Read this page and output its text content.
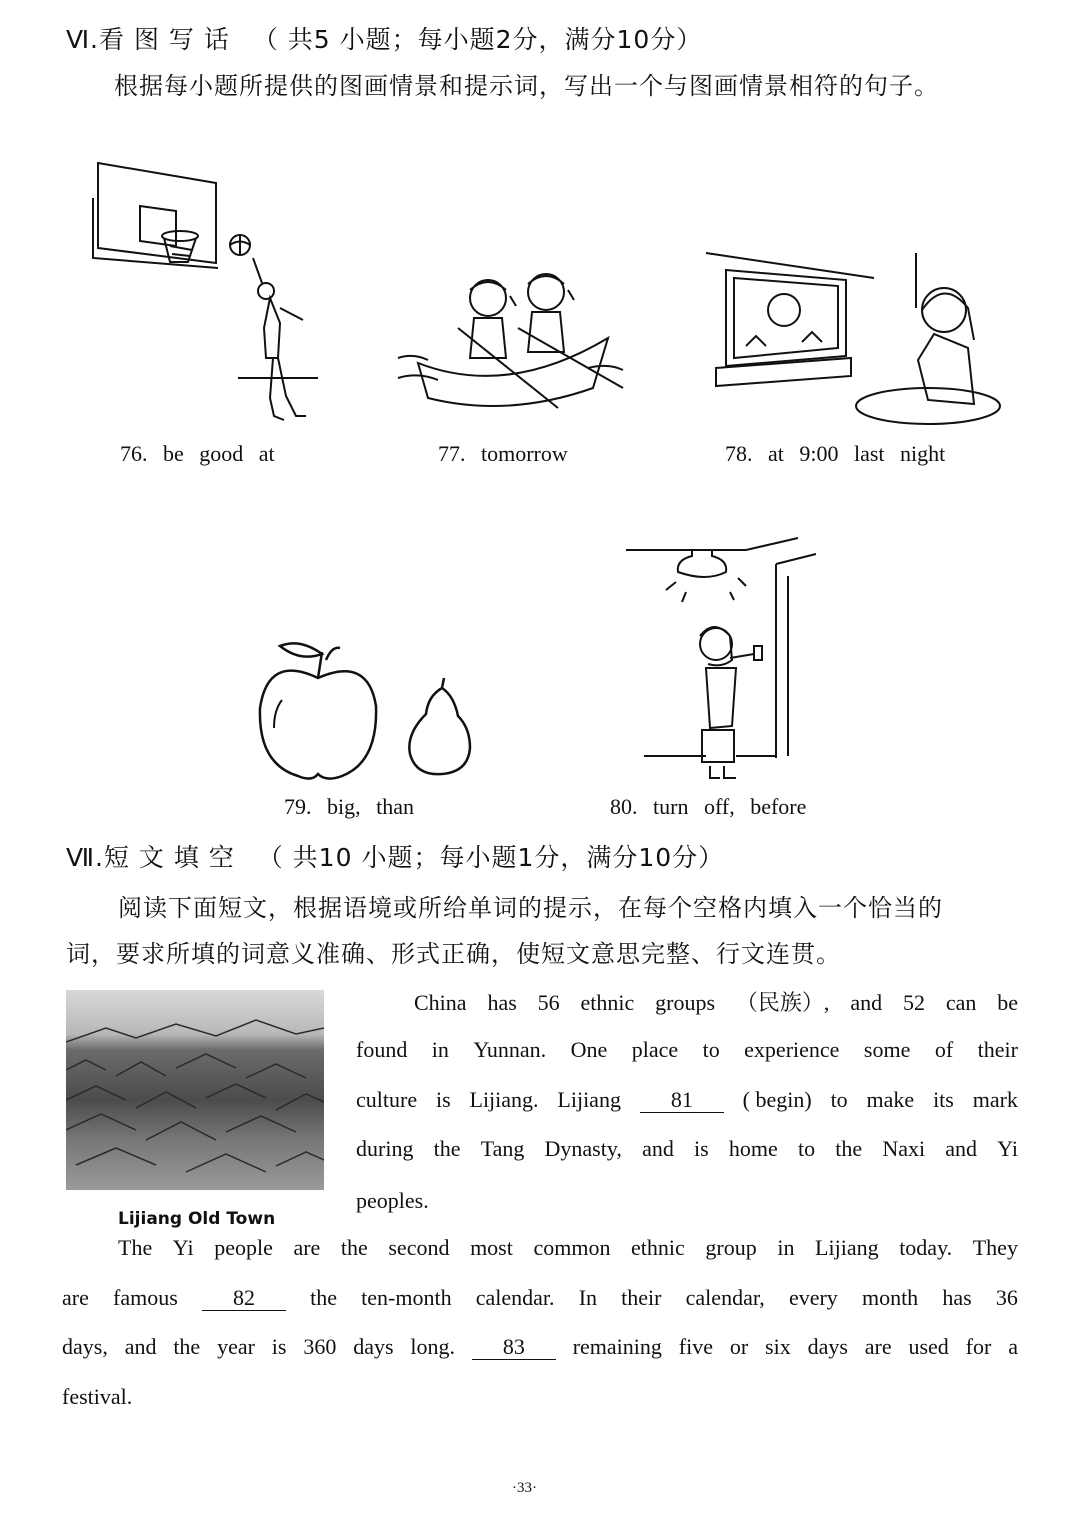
Ⅵ.看 图 写 话 （ 共5 小题；每小题2分，满分10分）
根据每小题所提供的图画情景和提示词，写出一个与图画情景相符的句子。
76. be good at	77. tomorrow	78. at 9:00 last night
79. big, than	80. turn off, before
Ⅶ.短 文 填 空 （ 共10 小题；每小题1分，满分10分）
阅读下面短文，根据语境或所给单词的提示，在每个空格内填入一个恰当的
词，要求所填的词意义准确、形式正确，使短文意思完整、行文连贯。
Lijiang Old Town
China has 56 ethnic groups （民族）, and 52 can be
found in Yunnan. One place to experience some of their
culture is Lijiang. Lijiang	81	( begin) to make its mark
during the Tang Dynasty, and is home to the Naxi and Yi
peoples.
The Yi people are the second most common ethnic group in Lijiang today. They
are famous	82	the ten-month calendar. In their calendar, every month has 36
days, and the year is 360 days long.	83	remaining five or six days are used for a
festival.
·33·
